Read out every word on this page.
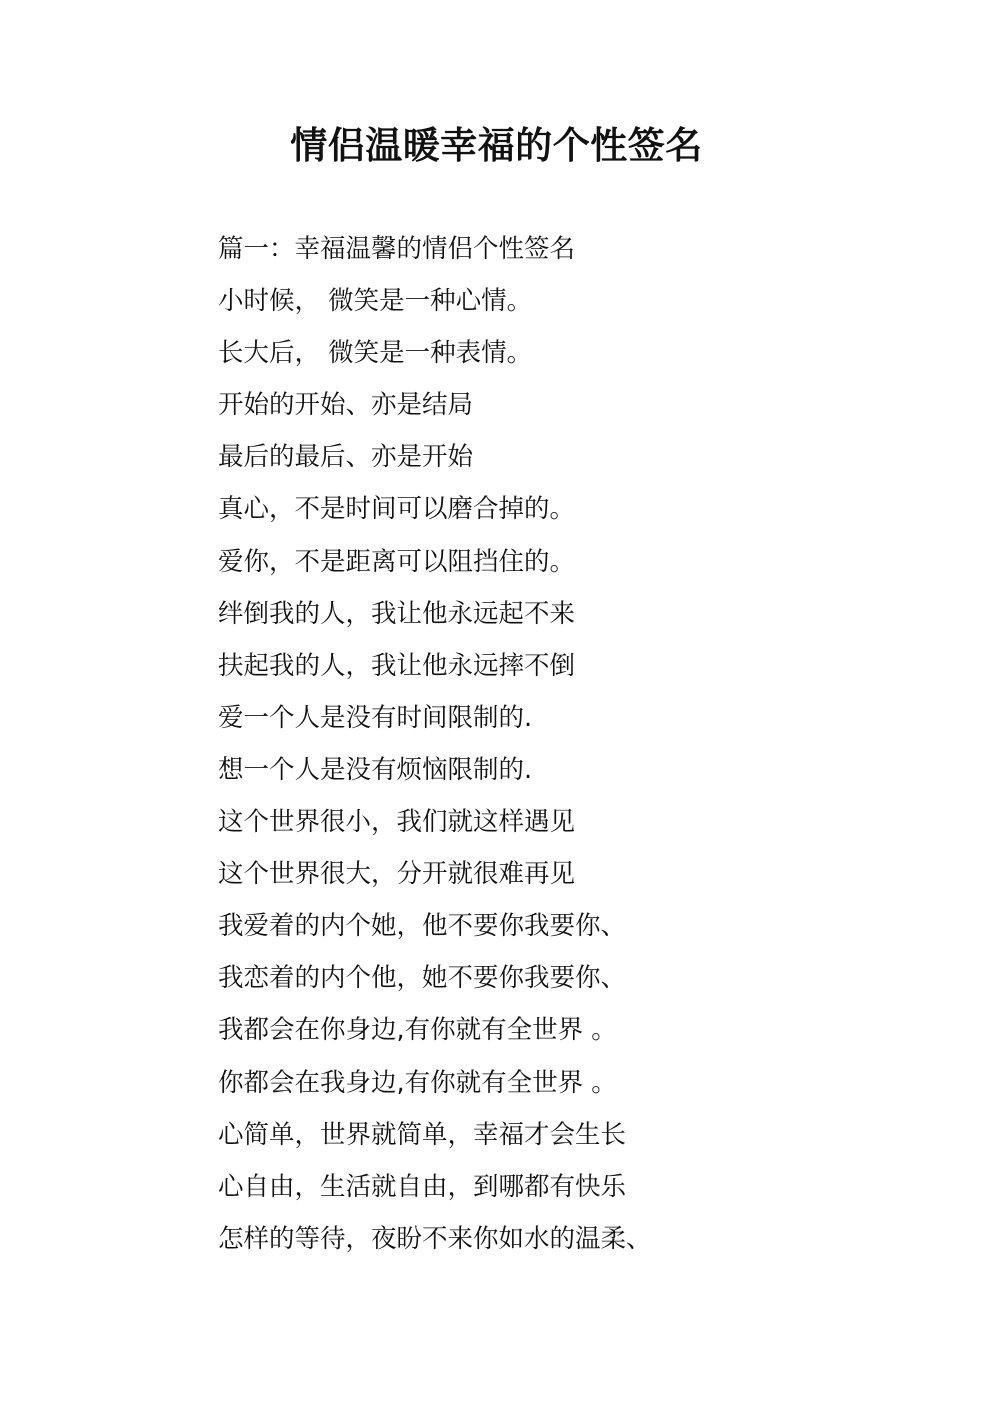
情侣温暖幸福的个性签名
篇一：幸福温馨的情侣个性签名
小时候， 微笑是一种心情。
长大后， 微笑是一种表情。
开始的开始、亦是结局
最后的最后、亦是开始
真心，不是时间可以磨合掉的。
爱你，不是距离可以阻挡住的。
绊倒我的人，我让他永远起不来
扶起我的人，我让他永远摔不倒
爱一个人是没有时间限制的.
想一个人是没有烦恼限制的.
这个世界很小，我们就这样遇见
这个世界很大，分开就很难再见
我爱着的内个她，他不要你我要你、
我恋着的内个他，她不要你我要你、
我都会在你身边,有你就有全世界 。
你都会在我身边,有你就有全世界 。
心简单，世界就简单，幸福才会生长
心自由，生活就自由，到哪都有快乐
怎样的等待，夜盼不来你如水的温柔、
